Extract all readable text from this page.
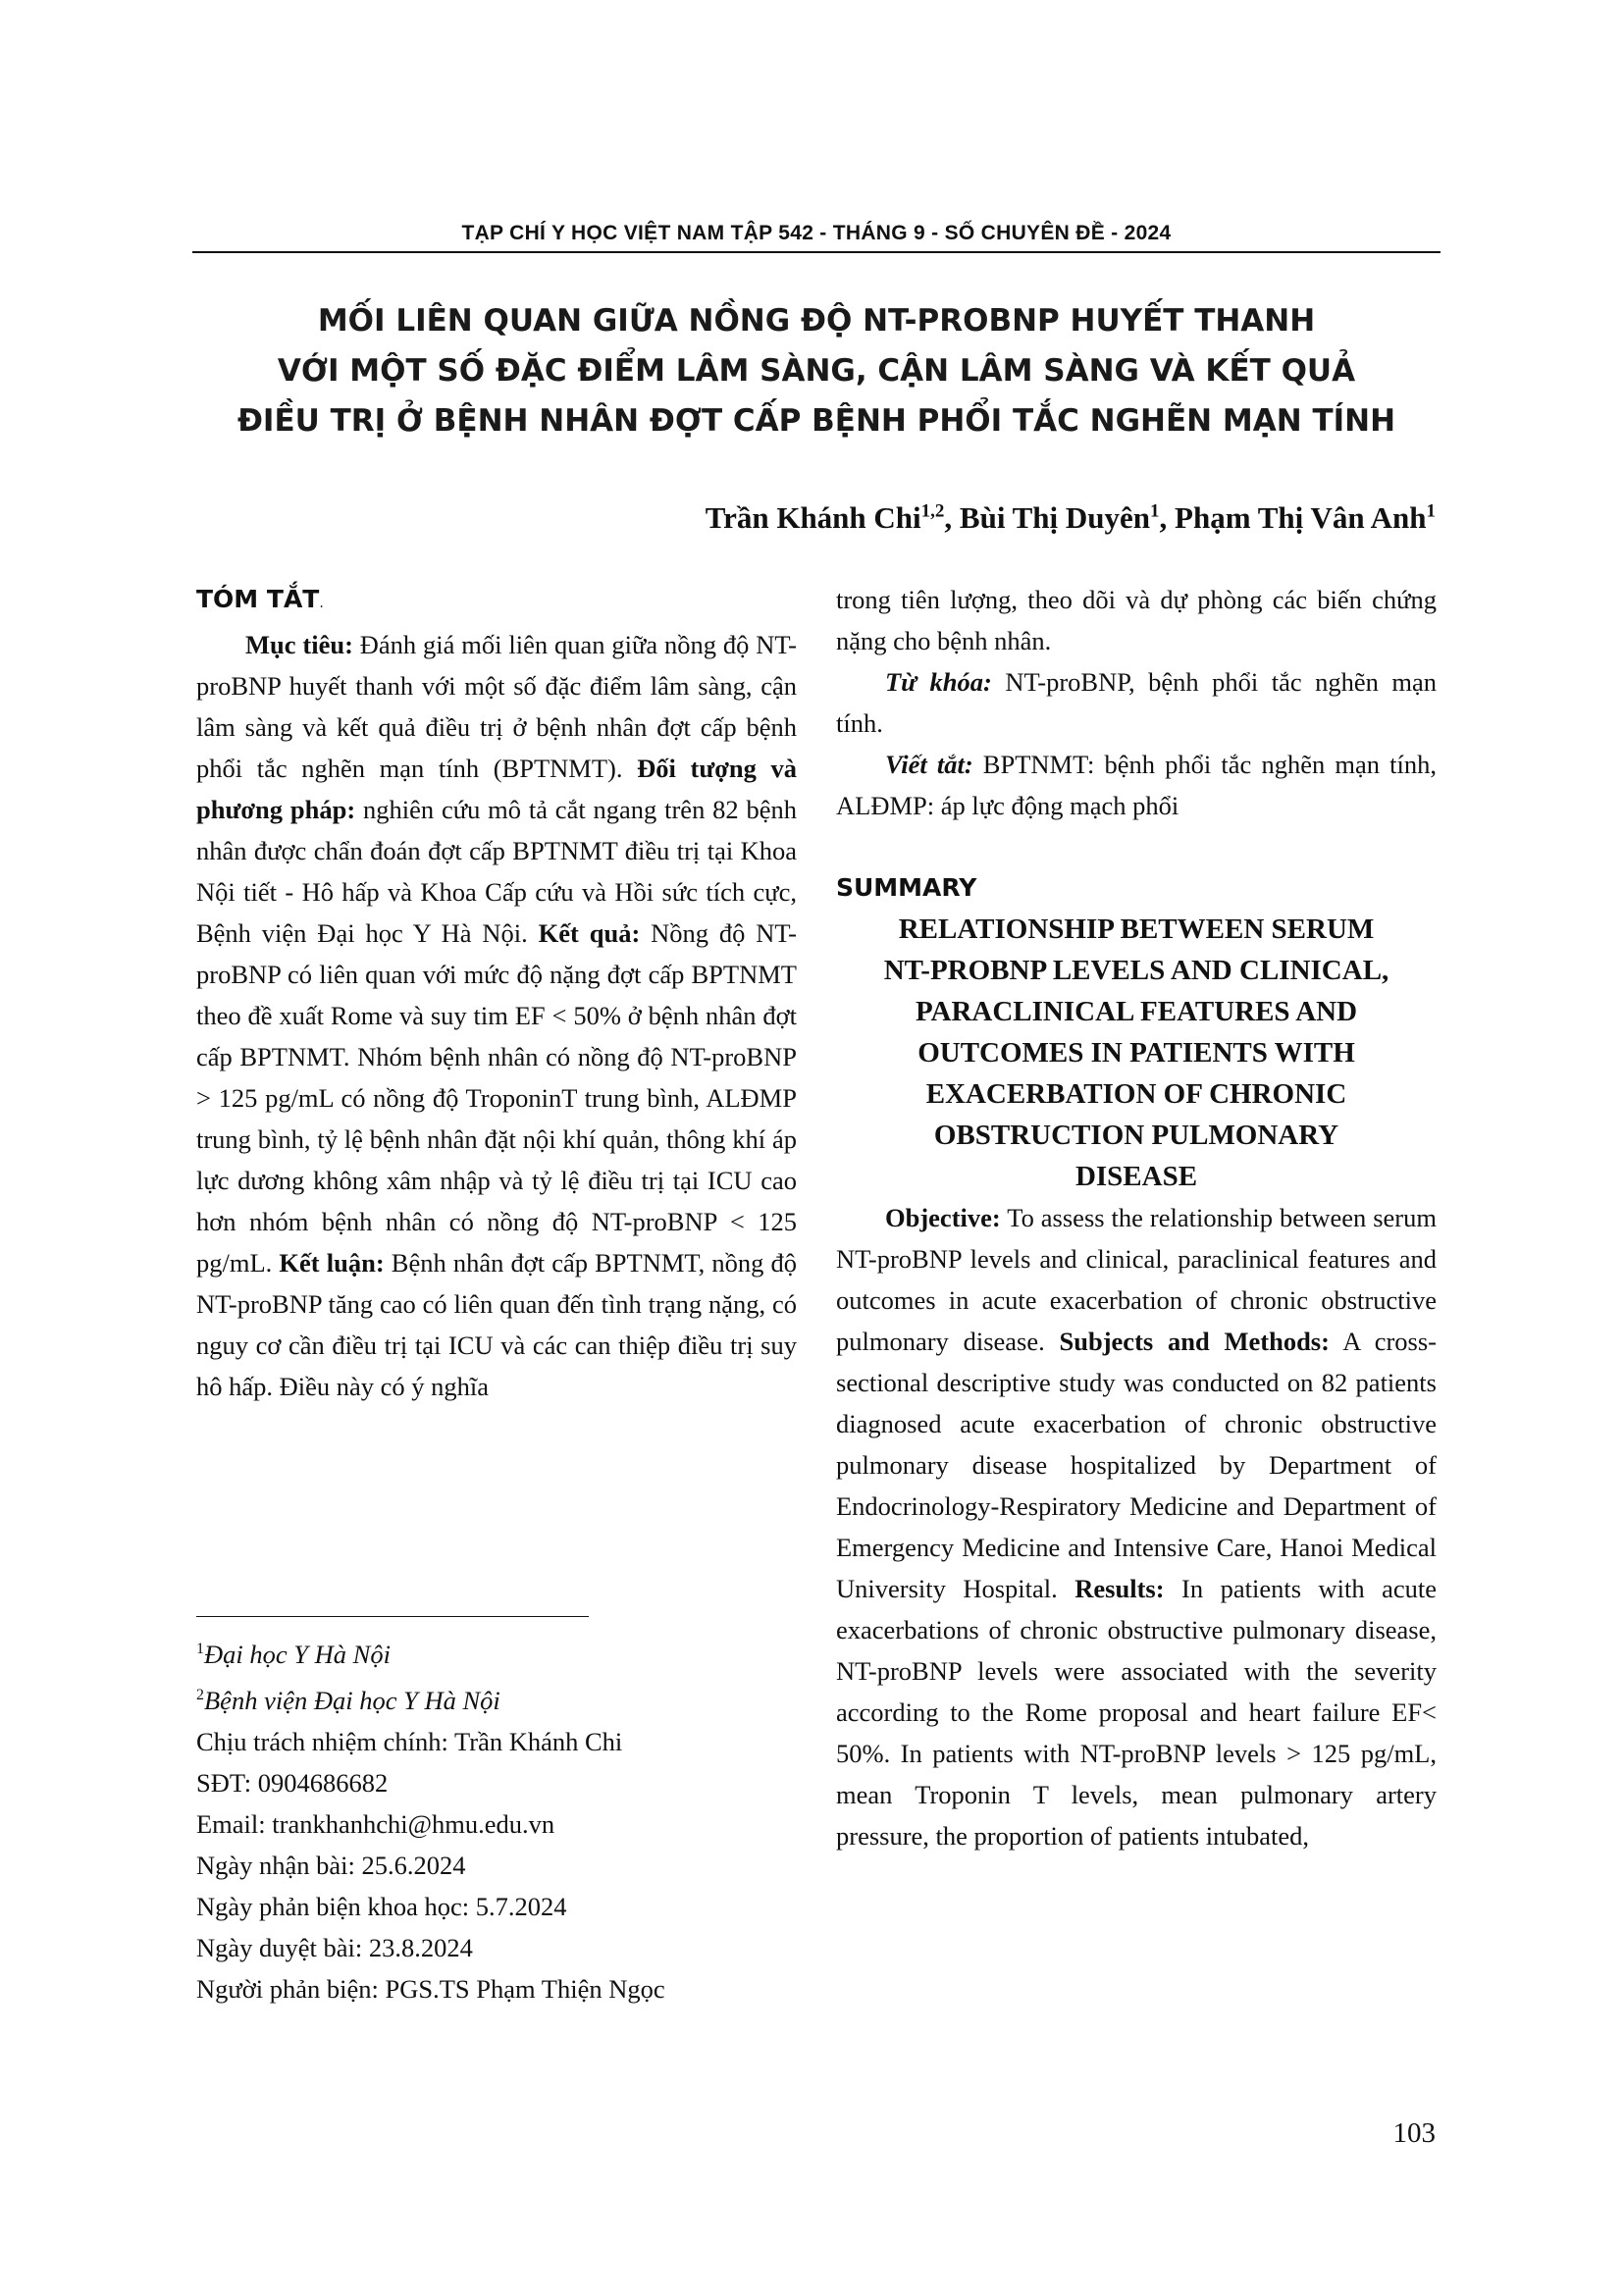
TẠP CHÍ Y HỌC VIỆT NAM TẬP 542 - THÁNG 9 - SỐ CHUYÊN ĐỀ - 2024
MỐI LIÊN QUAN GIỮA NỒNG ĐỘ NT-PROBNP HUYẾT THANH
VỚI MỘT SỐ ĐẶC ĐIỂM LÂM SÀNG, CẬN LÂM SÀNG VÀ KẾT QUẢ
ĐIỀU TRỊ Ở BỆNH NHÂN ĐỢT CẤP BỆNH PHỔI TẮC NGHẼN MẠN TÍNH
Trần Khánh Chi$^{1,2}$, Bùi Thị Duyên$^1$, Phạm Thị Vân Anh$^1$
TÓM TẮT.

Mục tiêu: Đánh giá mối liên quan giữa nồng độ NT-proBNP huyết thanh với một số đặc điểm lâm sàng, cận lâm sàng và kết quả điều trị ở bệnh nhân đợt cấp bệnh phổi tắc nghẽn mạn tính (BPTNMT). Đối tượng và phương pháp: nghiên cứu mô tả cắt ngang trên 82 bệnh nhân được chẩn đoán đợt cấp BPTNMT điều trị tại Khoa Nội tiết - Hô hấp và Khoa Cấp cứu và Hồi sức tích cực, Bệnh viện Đại học Y Hà Nội. Kết quả: Nồng độ NT-proBNP có liên quan với mức độ nặng đợt cấp BPTNMT theo đề xuất Rome và suy tim EF < 50% ở bệnh nhân đợt cấp BPTNMT. Nhóm bệnh nhân có nồng độ NT-proBNP > 125 pg/mL có nồng độ TroponinT trung bình, ALĐMP trung bình, tỷ lệ bệnh nhân đặt nội khí quản, thông khí áp lực dương không xâm nhập và tỷ lệ điều trị tại ICU cao hơn nhóm bệnh nhân có nồng độ NT-proBNP < 125 pg/mL. Kết luận: Bệnh nhân đợt cấp BPTNMT, nồng độ NT-proBNP tăng cao có liên quan đến tình trạng nặng, có nguy cơ cần điều trị tại ICU và các can thiệp điều trị suy hô hấp. Điều này có ý nghĩa

$^1$Đại học Y Hà Nội
$^2$Bệnh viện Đại học Y Hà Nội
Chịu trách nhiệm chính: Trần Khánh Chi
SĐT: 0904686682
Email: trankhanhchi@hmu.edu.vn
Ngày nhận bài: 25.6.2024
Ngày phản biện khoa học: 5.7.2024
Ngày duyệt bài: 23.8.2024
Người phản biện: PGS.TS Phạm Thiện Ngọc

trong tiên lượng, theo dõi và dự phòng các biến chứng nặng cho bệnh nhân.

Từ khóa: NT-proBNP, bệnh phổi tắc nghẽn mạn tính.

Viết tắt: BPTNMT: bệnh phổi tắc nghẽn mạn tính, ALĐMP: áp lực động mạch phổi

SUMMARY

RELATIONSHIP BETWEEN SERUM
NT-PROBNP LEVELS AND CLINICAL,
PARACLINICAL FEATURES AND
OUTCOMES IN PATIENTS WITH
EXACERBATION OF CHRONIC
OBSTRUCTION PULMONARY
DISEASE

Objective: To assess the relationship between serum NT-proBNP levels and clinical, paraclinical features and outcomes in acute exacerbation of chronic obstructive pulmonary disease. Subjects and Methods: A cross-sectional descriptive study was conducted on 82 patients diagnosed acute exacerbation of chronic obstructive pulmonary disease hospitalized by Department of Endocrinology-Respiratory Medicine and Department of Emergency Medicine and Intensive Care, Hanoi Medical University Hospital. Results: In patients with acute exacerbations of chronic obstructive pulmonary disease, NT-proBNP levels were associated with the severity according to the Rome proposal and heart failure EF< 50%. In patients with NT-proBNP levels > 125 pg/mL, mean Troponin T levels, mean pulmonary artery pressure, the proportion of patients intubated,

103
